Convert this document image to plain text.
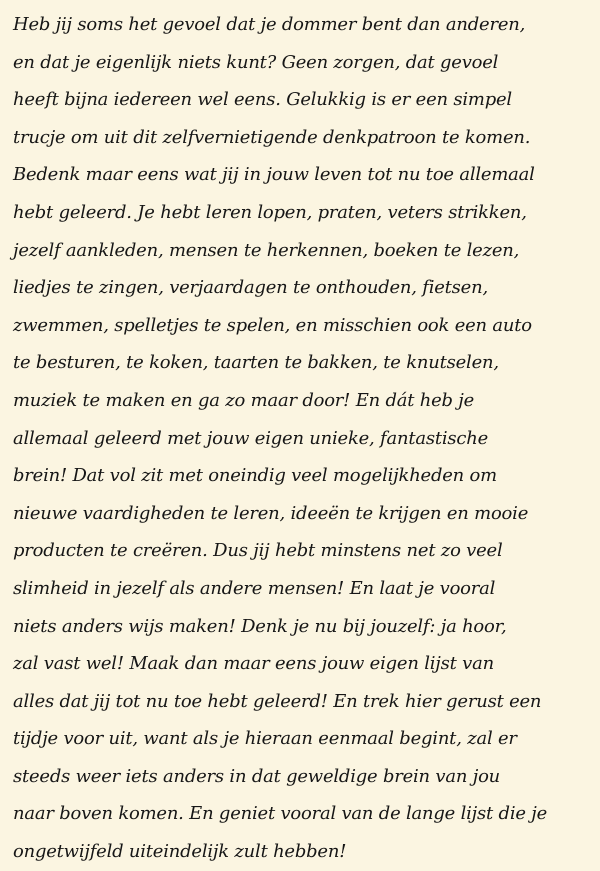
Heb jij soms het gevoel dat je dommer bent dan anderen,
en dat je eigenlijk niets kunt? Geen zorgen, dat gevoel
heeft bijna iedereen wel eens. Gelukkig is er een simpel
trucje om uit dit zelfvernietigende denkpatroon te komen.
Bedenk maar eens wat jij in jouw leven tot nu toe allemaal
hebt geleerd. Je hebt leren lopen, praten, veters strikken,
jezelf aankleden, mensen te herkennen, boeken te lezen,
liedjes te zingen, verjaardagen te onthouden, fietsen,
zwemmen, spelletjes te spelen, en misschien ook een auto
te besturen, te koken, taarten te bakken, te knutselen,
muziek te maken en ga zo maar door! En dát heb je
allemaal geleerd met jouw eigen unieke, fantastische
brein! Dat vol zit met oneindig veel mogelijkheden om
nieuwe vaardigheden te leren, ideeën te krijgen en mooie
producten te creëren. Dus jij hebt minstens net zo veel
slimheid in jezelf als andere mensen! En laat je vooral
niets anders wijs maken! Denk je nu bij jouzelf: ja hoor,
zal vast wel! Maak dan maar eens jouw eigen lijst van
alles dat jij tot nu toe hebt geleerd! En trek hier gerust een
tijdje voor uit, want als je hieraan eenmaal begint, zal er
steeds weer iets anders in dat geweldige brein van jou
naar boven komen. En geniet vooral van de lange lijst die je
ongetwijfeld uiteindelijk zult hebben!
